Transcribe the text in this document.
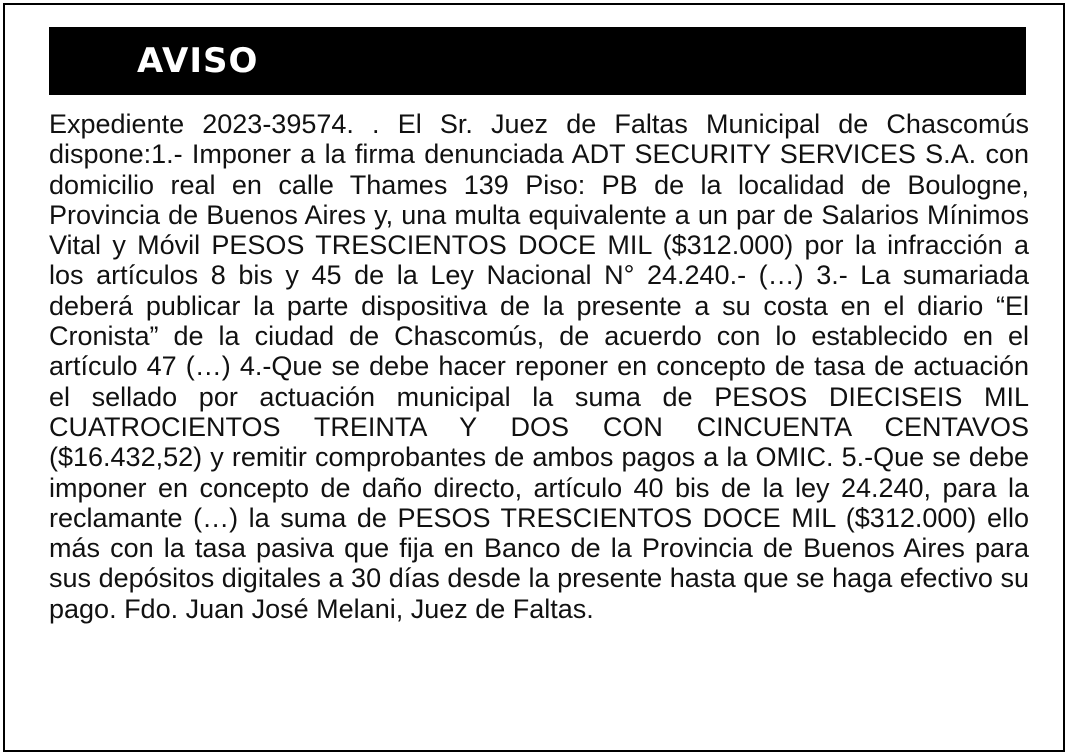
AVISO

Expediente 2023-39574. . El Sr. Juez de Faltas Municipal de Chascomús dispone:1.- Imponer a la firma denunciada ADT SECURITY SERVICES S.A. con domicilio real en calle Thames 139 Piso: PB de la localidad de Boulogne, Provincia de Buenos Aires y, una multa equivalente a un par de Salarios Mínimos Vital y Móvil PESOS TRESCIENTOS DOCE MIL ($312.000) por la infracción a los artículos 8 bis y 45 de la Ley Nacional N° 24.240.- (…) 3.- La sumariada deberá publicar la parte dispositiva de la presente a su costa en el diario “El Cronista” de la ciudad de Chascomús, de acuerdo con lo establecido en el artículo 47 (…) 4.-Que se debe hacer reponer en concepto de tasa de actuación el sellado por actuación municipal la suma de PESOS DIECISEIS MIL CUATROCIENTOS TREINTA Y DOS CON CINCUENTA CENTAVOS ($16.432,52) y remitir comprobantes de ambos pagos a la OMIC. 5.-Que se debe imponer en concepto de daño directo, artículo 40 bis de la ley 24.240, para la reclamante (…) la suma de PESOS TRESCIENTOS DOCE MIL ($312.000) ello más con la tasa pasiva que fija en Banco de la Provincia de Buenos Aires para sus depósitos digitales a 30 días desde la presente hasta que se haga efectivo su pago. Fdo. Juan José Melani, Juez de Faltas.
